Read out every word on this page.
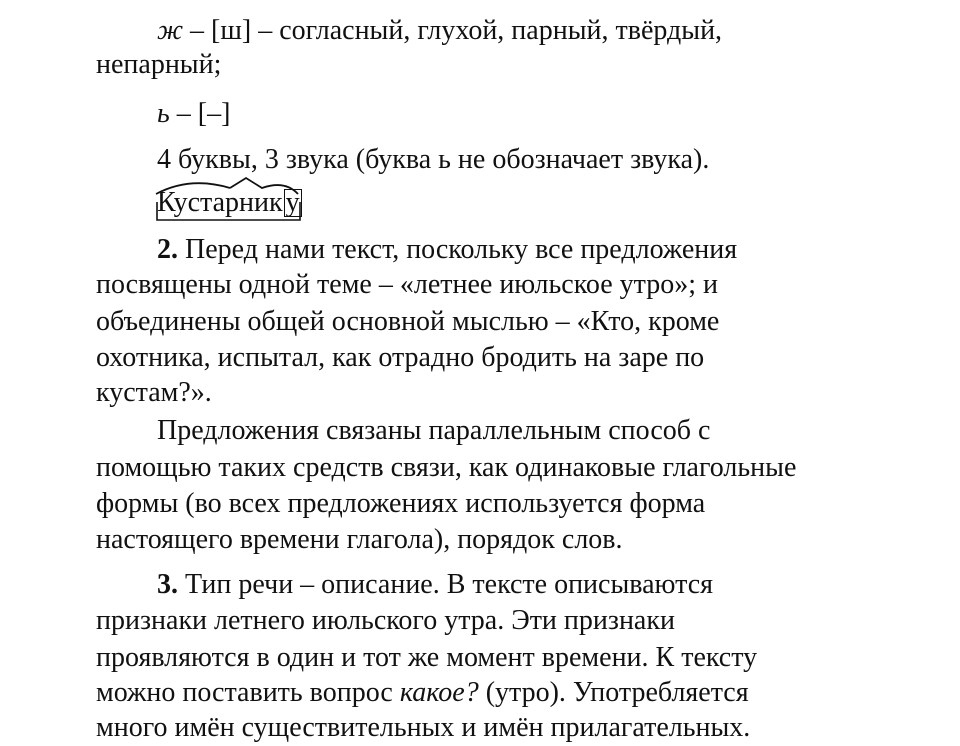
ж – [ш] – согласный, глухой, парный, твёрдый,
непарный;
ь – [–]
4 буквы, 3 звука (буква ь не обозначает звука).
Кустарник у
2. Перед нами текст, поскольку все предложения
посвящены одной теме – «летнее июльское утро»; и
объединены общей основной мыслью – «Кто, кроме
охотника, испытал, как отрадно бродить на заре по
кустам?».
Предложения связаны параллельным способ с
помощью таких средств связи, как одинаковые глагольные
формы (во всех предложениях используется форма
настоящего времени глагола), порядок слов.
3. Тип речи – описание. В тексте описываются
признаки летнего июльского утра. Эти признаки
проявляются в один и тот же момент времени. К тексту
можно поставить вопрос какое? (утро). Употребляется
много имён существительных и имён прилагательных.
